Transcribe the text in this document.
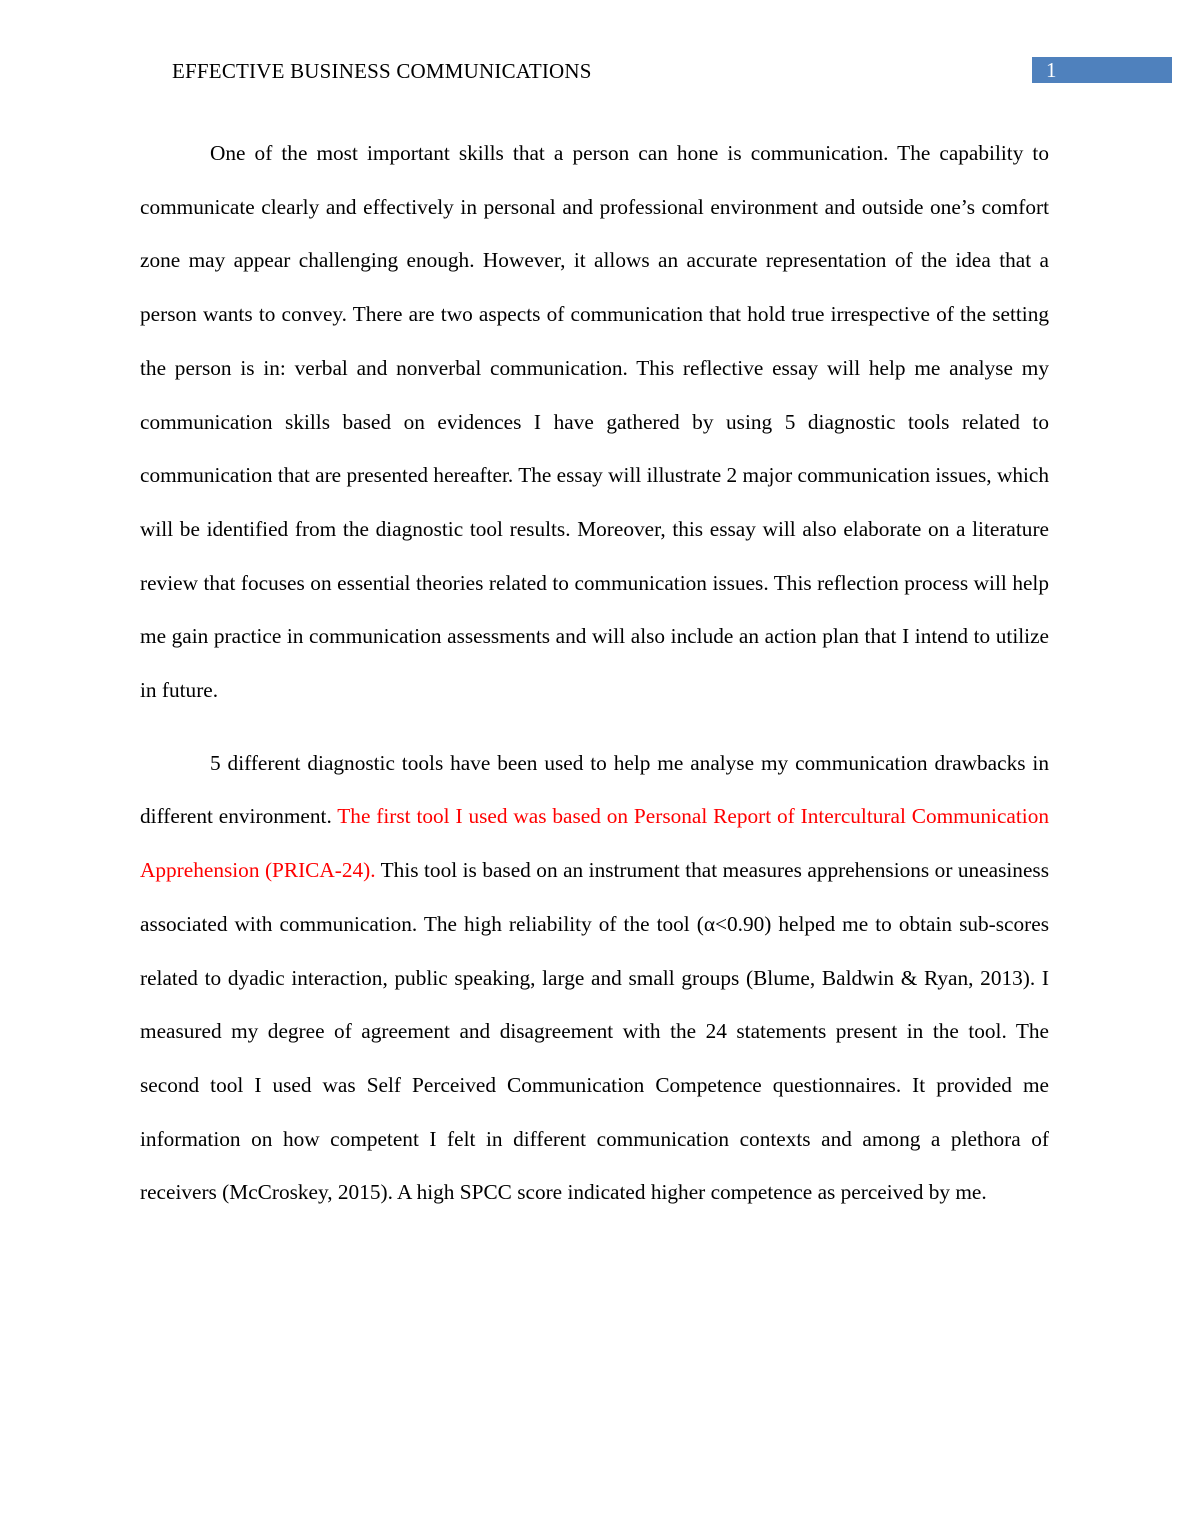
EFFECTIVE BUSINESS COMMUNICATIONS	1

One of the most important skills that a person can hone is communication. The capability to communicate clearly and effectively in personal and professional environment and outside one’s comfort zone may appear challenging enough. However, it allows an accurate representation of the idea that a person wants to convey. There are two aspects of communication that hold true irrespective of the setting the person is in: verbal and nonverbal communication. This reflective essay will help me analyse my communication skills based on evidences I have gathered by using 5 diagnostic tools related to communication that are presented hereafter. The essay will illustrate 2 major communication issues, which will be identified from the diagnostic tool results. Moreover, this essay will also elaborate on a literature review that focuses on essential theories related to communication issues. This reflection process will help me gain practice in communication assessments and will also include an action plan that I intend to utilize in future.

5 different diagnostic tools have been used to help me analyse my communication drawbacks in different environment. The first tool I used was based on Personal Report of Intercultural Communication Apprehension (PRICA-24). This tool is based on an instrument that measures apprehensions or uneasiness associated with communication. The high reliability of the tool (α<0.90) helped me to obtain sub-scores related to dyadic interaction, public speaking, large and small groups (Blume, Baldwin & Ryan, 2013). I measured my degree of agreement and disagreement with the 24 statements present in the tool. The second tool I used was Self Perceived Communication Competence questionnaires. It provided me information on how competent I felt in different communication contexts and among a plethora of receivers (McCroskey, 2015). A high SPCC score indicated higher competence as perceived by me.
